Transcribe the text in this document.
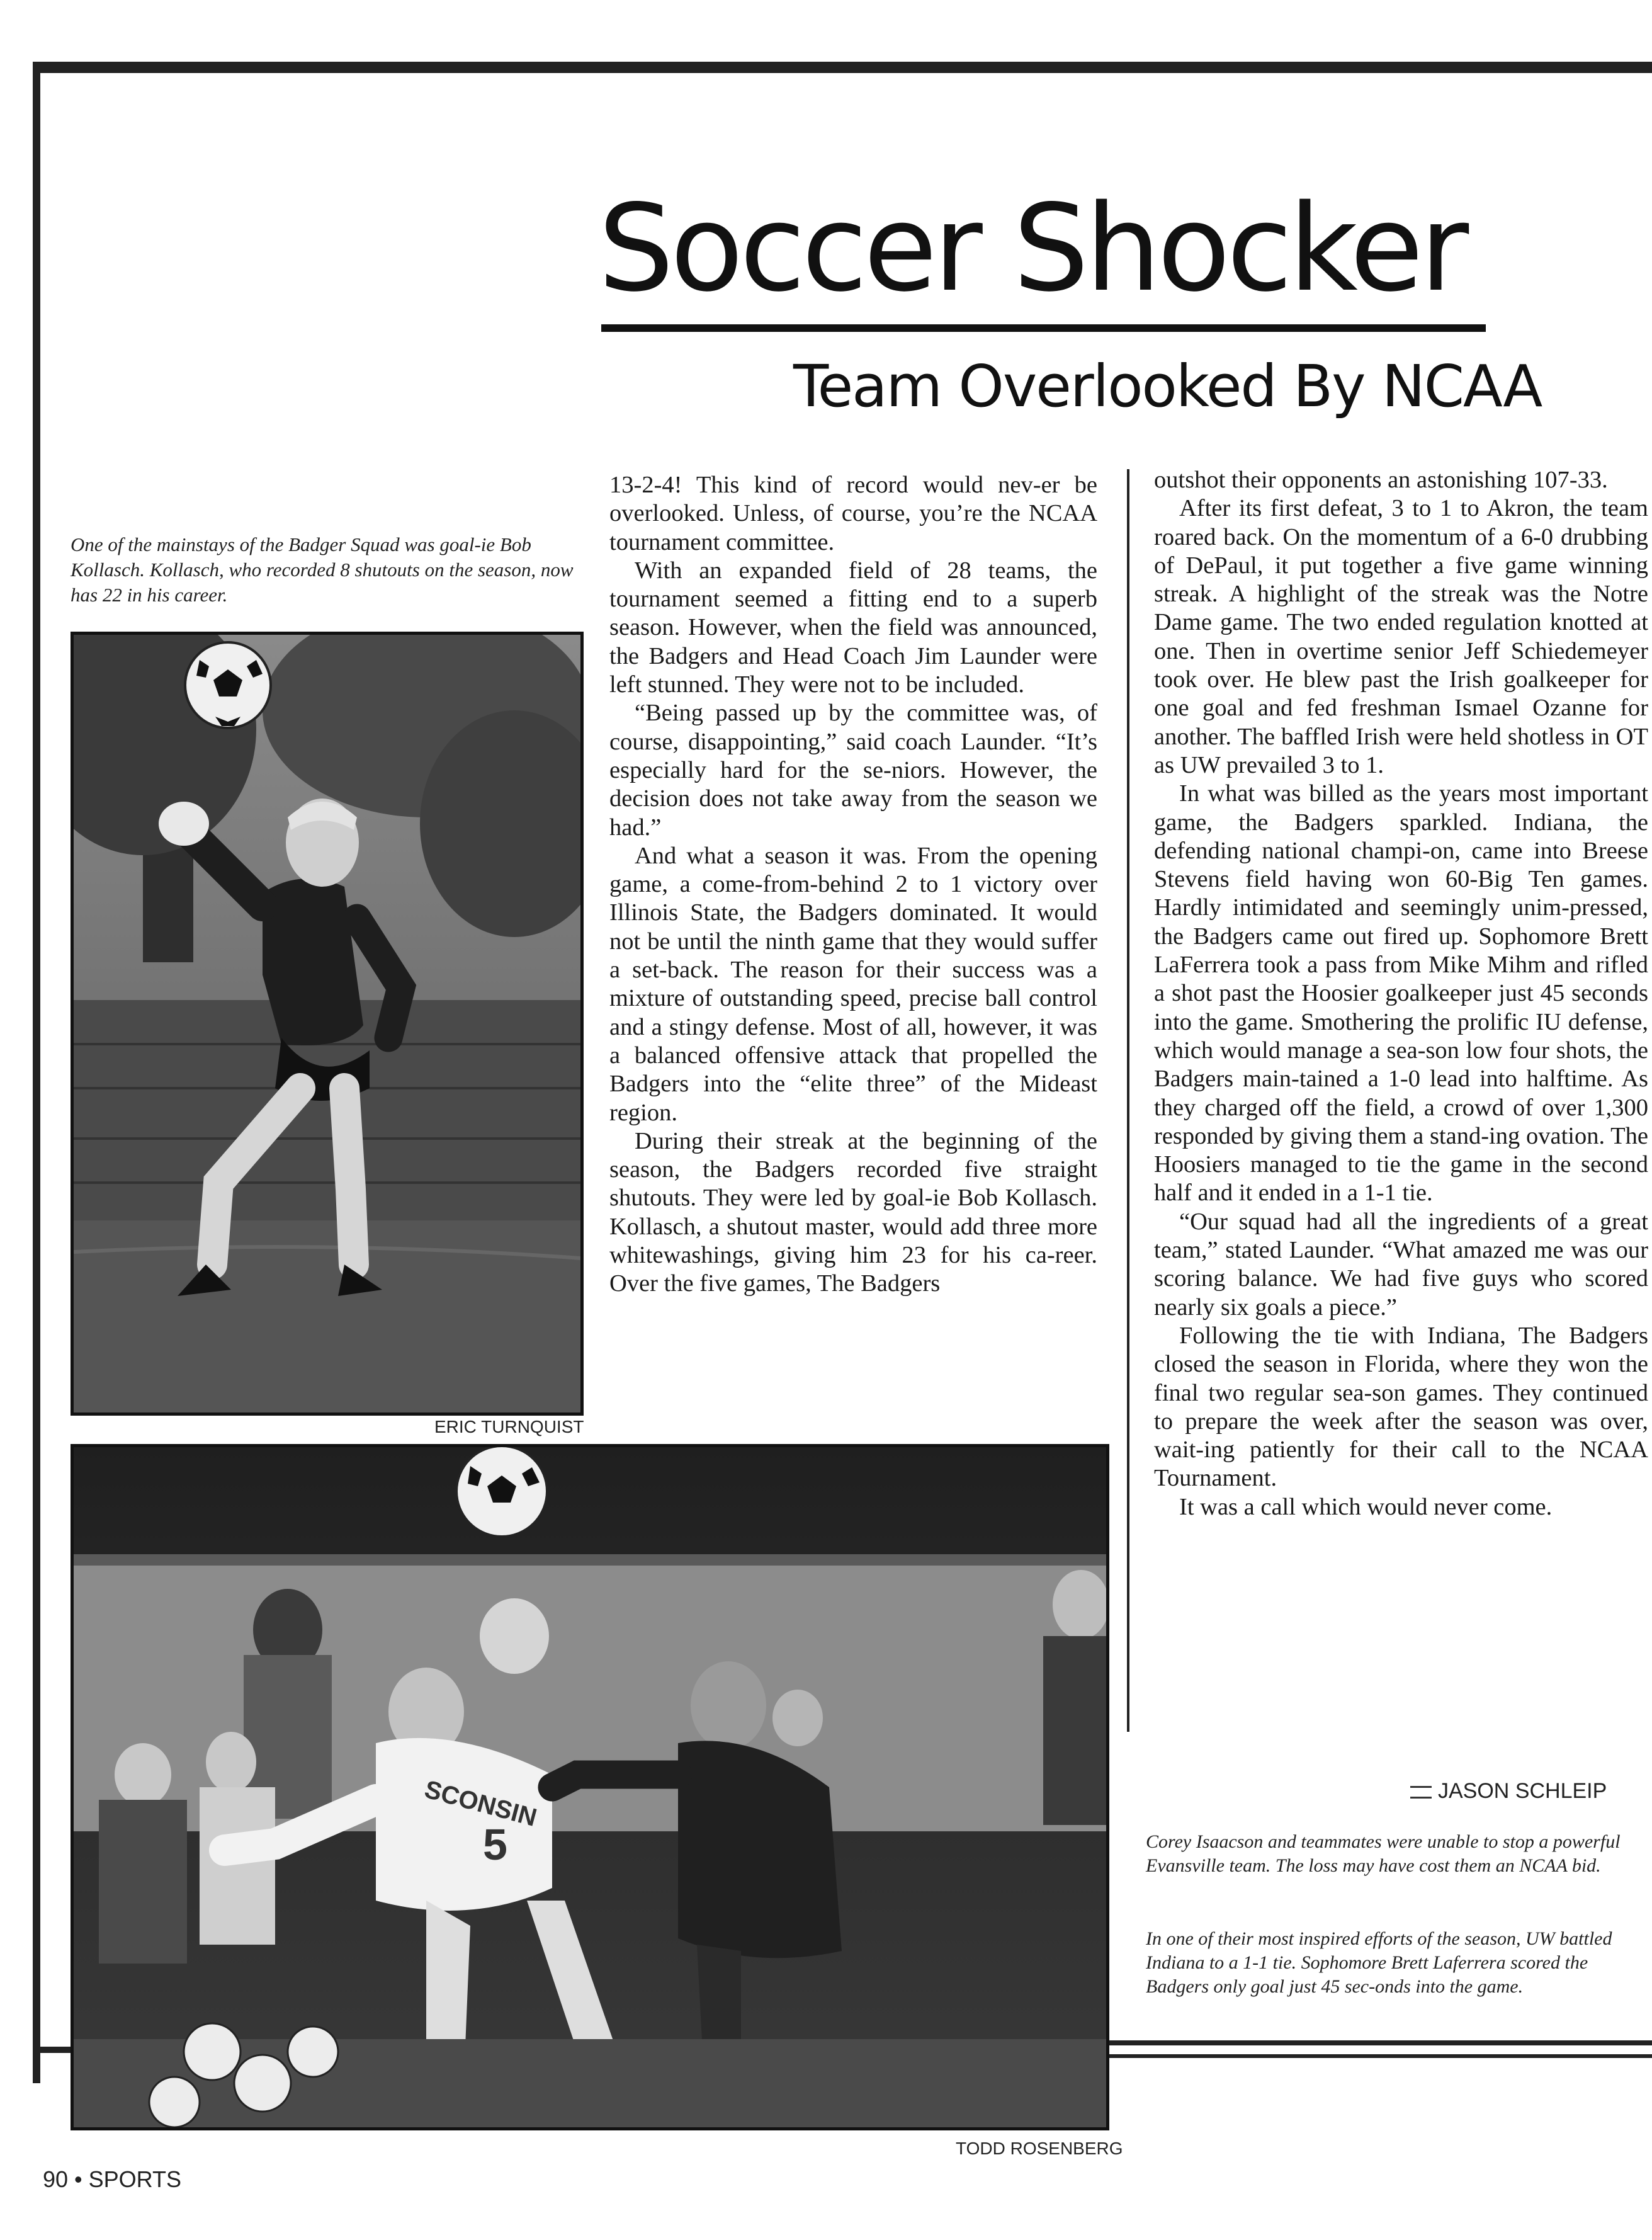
Soccer Shocker
Team Overlooked By NCAA
One of the mainstays of the Badger Squad was goal-ie Bob Kollasch. Kollasch, who recorded 8 shutouts on the season, now has 22 in his career.
ERIC TURNQUIST
SCONSIN
5
TODD ROSENBERG

13-2-4! This kind of record would nev-er be overlooked. Unless, of course, you’re the NCAA tournament committee.

With an expanded field of 28 teams, the tournament seemed a fitting end to a superb season. However, when the field was announced, the Badgers and Head Coach Jim Launder were left stunned. They were not to be included.

“Being passed up by the committee was, of course, disappointing,” said coach Launder. “It’s especially hard for the se-niors. However, the decision does not take away from the season we had.”

And what a season it was. From the opening game, a come-from-behind 2 to 1 victory over Illinois State, the Badgers dominated. It would not be until the ninth game that they would suffer a set-back. The reason for their success was a mixture of outstanding speed, precise ball control and a stingy defense. Most of all, however, it was a balanced offensive attack that propelled the Badgers into the “elite three” of the Mideast region.

During their streak at the beginning of the season, the Badgers recorded five straight shutouts. They were led by goal-ie Bob Kollasch. Kollasch, a shutout master, would add three more whitewashings, giving him 23 for his ca-reer. Over the five games, The Badgers

outshot their opponents an astonishing 107-33.

After its first defeat, 3 to 1 to Akron, the team roared back. On the momentum of a 6-0 drubbing of DePaul, it put together a five game winning streak. A highlight of the streak was the Notre Dame game. The two ended regulation knotted at one. Then in overtime senior Jeff Schiedemeyer took over. He blew past the Irish goalkeeper for one goal and fed freshman Ismael Ozanne for another. The baffled Irish were held shotless in OT as UW prevailed 3 to 1.

In what was billed as the years most important game, the Badgers sparkled. Indiana, the defending national champi-on, came into Breese Stevens field having won 60-Big Ten games. Hardly intimidated and seemingly unim-pressed, the Badgers came out fired up. Sophomore Brett LaFerrera took a pass from Mike Mihm and rifled a shot past the Hoosier goalkeeper just 45 seconds into the game. Smothering the prolific IU defense, which would manage a sea-son low four shots, the Badgers main-tained a 1-0 lead into halftime. As they charged off the field, a crowd of over 1,300 responded by giving them a stand-ing ovation. The Hoosiers managed to tie the game in the second half and it ended in a 1-1 tie.

“Our squad had all the ingredients of a great team,” stated Launder. “What amazed me was our scoring balance. We had five guys who scored nearly six goals a piece.”

Following the tie with Indiana, The Badgers closed the season in Florida, where they won the final two regular sea-son games. They continued to prepare the week after the season was over, wait-ing patiently for their call to the NCAA Tournament.

It was a call which would never come.

JASON SCHLEIP
Corey Isaacson and teammates were unable to stop a powerful Evansville team. The loss may have cost them an NCAA bid.
In one of their most inspired efforts of the season, UW battled Indiana to a 1-1 tie. Sophomore Brett Laferrera scored the Badgers only goal just 45 sec-onds into the game.
90 • SPORTS
